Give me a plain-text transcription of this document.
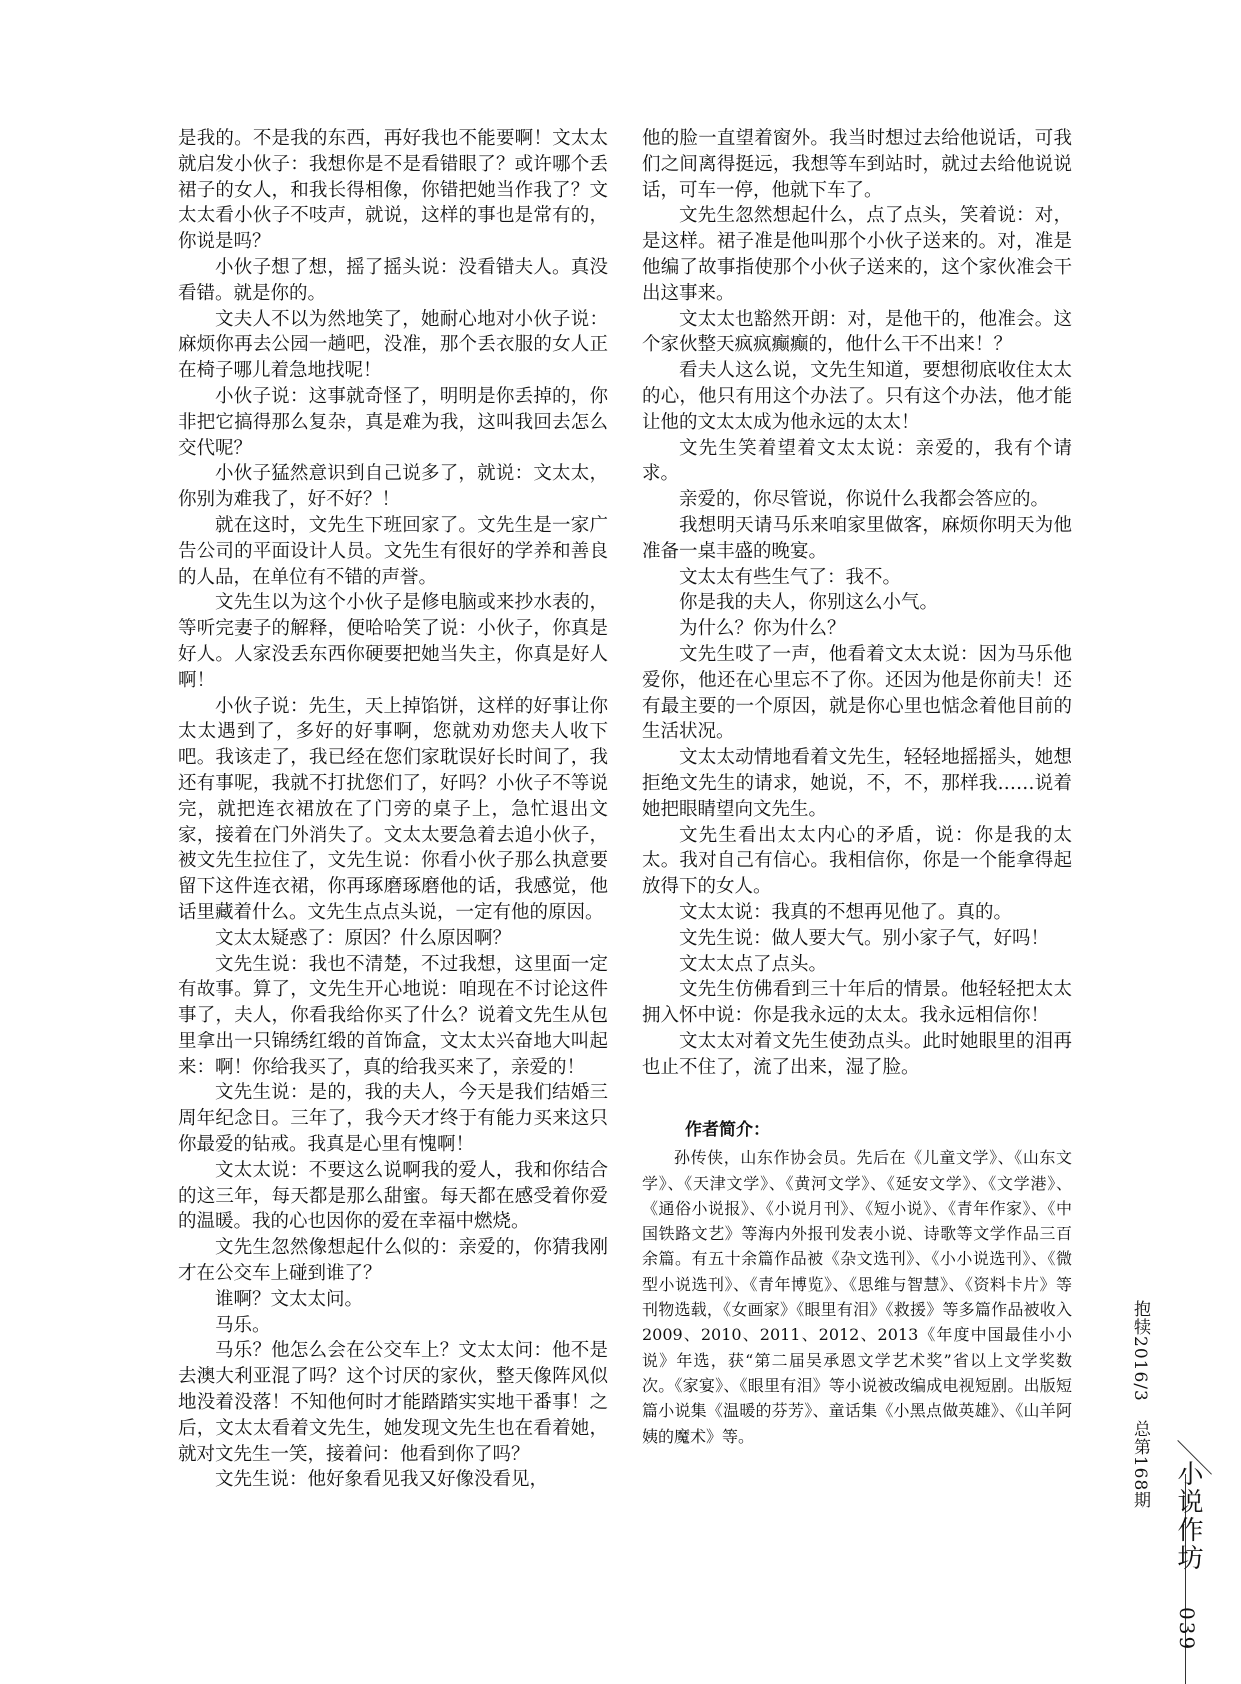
是我的。不是我的东西，再好我也不能要啊！文太太就启发小伙子：我想你是不是看错眼了？或许哪个丢裙子的女人，和我长得相像，你错把她当作我了？文太太看小伙子不吱声，就说，这样的事也是常有的，你说是吗？

小伙子想了想，摇了摇头说：没看错夫人。真没看错。就是你的。

文夫人不以为然地笑了，她耐心地对小伙子说：麻烦你再去公园一趟吧，没准，那个丢衣服的女人正在椅子哪儿着急地找呢！

小伙子说：这事就奇怪了，明明是你丢掉的，你非把它搞得那么复杂，真是难为我，这叫我回去怎么交代呢？

小伙子猛然意识到自己说多了，就说：文太太，你别为难我了，好不好？！

就在这时，文先生下班回家了。文先生是一家广告公司的平面设计人员。文先生有很好的学养和善良的人品，在单位有不错的声誉。

文先生以为这个小伙子是修电脑或来抄水表的，等听完妻子的解释，便哈哈笑了说：小伙子，你真是好人。人家没丢东西你硬要把她当失主，你真是好人啊！

小伙子说：先生，天上掉馅饼，这样的好事让你太太遇到了，多好的好事啊，您就劝劝您夫人收下吧。我该走了，我已经在您们家耽误好长时间了，我还有事呢，我就不打扰您们了，好吗？小伙子不等说完，就把连衣裙放在了门旁的桌子上，急忙退出文家，接着在门外消失了。文太太要急着去追小伙子，被文先生拉住了，文先生说：你看小伙子那么执意要留下这件连衣裙，你再琢磨琢磨他的话，我感觉，他话里藏着什么。文先生点点头说，一定有他的原因。

文太太疑惑了：原因？什么原因啊？

文先生说：我也不清楚，不过我想，这里面一定有故事。算了，文先生开心地说：咱现在不讨论这件事了，夫人，你看我给你买了什么？说着文先生从包里拿出一只锦绣红缎的首饰盒，文太太兴奋地大叫起来：啊！你给我买了，真的给我买来了，亲爱的！

文先生说：是的，我的夫人，今天是我们结婚三周年纪念日。三年了，我今天才终于有能力买来这只你最爱的钻戒。我真是心里有愧啊！

文太太说：不要这么说啊我的爱人，我和你结合的这三年，每天都是那么甜蜜。每天都在感受着你爱的温暖。我的心也因你的爱在幸福中燃烧。

文先生忽然像想起什么似的：亲爱的，你猜我刚才在公交车上碰到谁了？

谁啊？文太太问。

马乐。

马乐？他怎么会在公交车上？文太太问：他不是去澳大利亚混了吗？这个讨厌的家伙，整天像阵风似地没着没落！不知他何时才能踏踏实实地干番事！之后，文太太看着文先生，她发现文先生也在看着她，就对文先生一笑，接着问：他看到你了吗？

文先生说：他好象看见我又好像没看见，

他的脸一直望着窗外。我当时想过去给他说话，可我们之间离得挺远，我想等车到站时，就过去给他说说话，可车一停，他就下车了。

文先生忽然想起什么，点了点头，笑着说：对，是这样。裙子准是他叫那个小伙子送来的。对，准是他编了故事指使那个小伙子送来的，这个家伙准会干出这事来。

文太太也豁然开朗：对，是他干的，他准会。这个家伙整天疯疯癫癫的，他什么干不出来！？

看夫人这么说，文先生知道，要想彻底收住太太的心，他只有用这个办法了。只有这个办法，他才能让他的文太太成为他永远的太太！

文先生笑着望着文太太说：亲爱的，我有个请求。

亲爱的，你尽管说，你说什么我都会答应的。

我想明天请马乐来咱家里做客，麻烦你明天为他准备一桌丰盛的晚宴。

文太太有些生气了：我不。

你是我的夫人，你别这么小气。

为什么？你为什么？

文先生哎了一声，他看着文太太说：因为马乐他爱你，他还在心里忘不了你。还因为他是你前夫！还有最主要的一个原因，就是你心里也惦念着他目前的生活状况。

文太太动情地看着文先生，轻轻地摇摇头，她想拒绝文先生的请求，她说，不，不，那样我……说着她把眼睛望向文先生。

文先生看出太太内心的矛盾，说：你是我的太太。我对自己有信心。我相信你，你是一个能拿得起放得下的女人。

文太太说：我真的不想再见他了。真的。

文先生说：做人要大气。别小家子气，好吗！

文太太点了点头。

文先生仿佛看到三十年后的情景。他轻轻把太太拥入怀中说：你是我永远的太太。我永远相信你！

文太太对着文先生使劲点头。此时她眼里的泪再也止不住了，流了出来，湿了脸。

作者简介：

孙传侠，山东作协会员。先后在《儿童文学》、《山东文学》、《天津文学》、《黄河文学》、《延安文学》、《文学港》、《通俗小说报》、《小说月刊》、《短小说》、《青年作家》、《中国铁路文艺》等海内外报刊发表小说、诗歌等文学作品三百余篇。有五十余篇作品被《杂文选刊》、《小小说选刊》、《微型小说选刊》、《青年博览》、《思维与智慧》、《资料卡片》等刊物选载，《女画家》《眼里有泪》《救援》等多篇作品被收入2009、2010、2011、2012、2013《年度中国最佳小小说》年选，获“第二届吴承恩文学艺术奖”省以上文学奖数次。《家宴》、《眼里有泪》等小说被改编成电视短剧。出版短篇小说集《温暖的芬芳》、童话集《小黑点做英雄》、《山羊阿姨的魔术》等。	抱犊2016/3　总第168期
小说作坊
039
